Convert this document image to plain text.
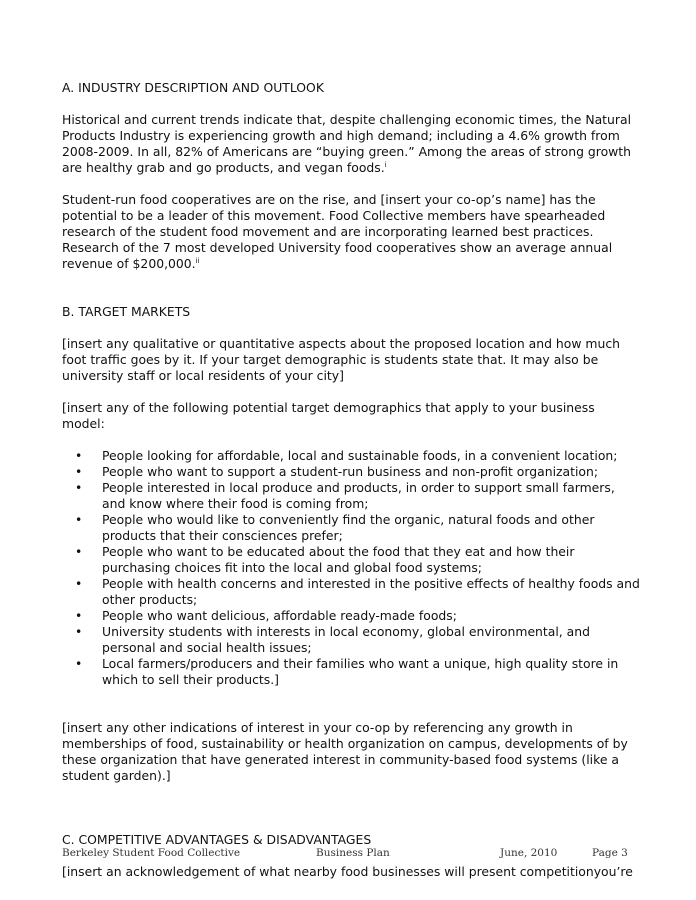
A. INDUSTRY DESCRIPTION AND OUTLOOK

Historical and current trends indicate that, despite challenging economic times, the Natural Products Industry is experiencing growth and high demand; including a 4.6% growth from 2008-2009. In all, 82% of Americans are “buying green.” Among the areas of strong growth are healthy grab and go products, and vegan foods.$^i$

Student-run food cooperatives are on the rise, and [insert your co-op’s name] has the potential to be a leader of this movement. Food Collective members have spearheaded research of the student food movement and are incorporating learned best practices. Research of the 7 most developed University food cooperatives show an average annual revenue of $200,000.$^{ii}$

B. TARGET MARKETS

[insert any qualitative or quantitative aspects about the proposed location and how much foot traffic goes by it. If your target demographic is students state that. It may also be university staff or local residents of your city]

[insert any of the following potential target demographics that apply to your business model:

• People looking for affordable, local and sustainable foods, in a convenient location;
• People who want to support a student-run business and non-profit organization;
• People interested in local produce and products, in order to support small farmers, and know where their food is coming from;
• People who would like to conveniently find the organic, natural foods and other products that their consciences prefer;
• People who want to be educated about the food that they eat and how their purchasing choices fit into the local and global food systems;
• People with health concerns and interested in the positive effects of healthy foods and other products;
• People who want delicious, affordable ready-made foods;
• University students with interests in local economy, global environmental, and personal and social health issues;
• Local farmers/producers and their families who want a unique, high quality store in which to sell their products.]

[insert any other indications of interest in your co-op by referencing any growth in memberships of food, sustainability or health organization on campus, developments of by these organization that have generated interest in community-based food systems (like a student garden).]

C. COMPETITIVE ADVANTAGES & DISADVANTAGES

[insert an acknowledgement of what nearby food businesses will present competitionyou’re

Berkeley Student Food Collective	Business Plan	June, 2010	Page 3
